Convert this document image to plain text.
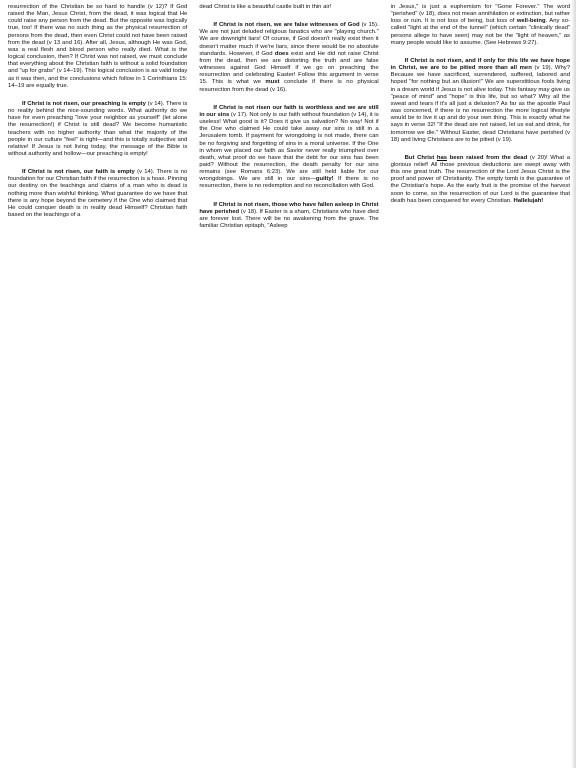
resurrection of the Christian be so hard to handle (v 12)? If God raised the Man, Jesus Christ, from the dead, it was logical that He could raise any person from the dead. But the opposite was logically true, too! If there was no such thing as the physical resurrection of persons from the dead, then even Christ could not have been raised from the dead (v 13 and 16). After all, Jesus, although He was God, was a real flesh and blood person who really died. What is the logical conclusion, then? If Christ was not raised, we must conclude that everything about the Christian faith is without a solid foundation and "up for grabs" (v 14–19). This logical conclusion is as valid today as it was then, and the conclusions which follow in 1 Corinthians 15: 14–19 are equally true.

If Christ is not risen, our preaching is empty (v 14). There is no reality behind the nice-sounding words. What authority do we have for even preaching "love your neighbor as yourself" (let alone the resurrection!) if Christ is still dead? We become humanistic teachers with no higher authority than what the majority of the people in our culture "feel" is right—and this is totally subjective and relative! If Jesus is not living today, the message of the Bible is without authority and hollow—our preaching is empty!

If Christ is not risen, our faith is empty (v 14). There is no foundation for our Christian faith if the resurrection is a hoax. Pinning our destiny on the teachings and claims of a man who is dead is nothing more than wishful thinking. What guarantee do we have that there is any hope beyond the cemetery if the One who claimed that He could conquer death is in reality dead Himself? Christian faith based on the teachings of a

dead Christ is like a beautiful castle built in thin air!

If Christ is not risen, we are false witnesses of God (v 15). We are not just deluded religious fanatics who are "playing church." We are downright liars! Of course, if God doesn't really exist then it doesn't matter much if we're liars, since there would be no absolute standards. However, if God does exist and He did not raise Christ from the dead, then we are distorting the truth and are false witnesses against God Himself if we go on preaching the resurrection and celebrating Easter! Follow this argument in verse 15. This is what we must conclude if there is no physical resurrection from the dead (v 16).

If Christ is not risen our faith is worthless and we are still in our sins (v 17). Not only is our faith without foundation (v 14), it is useless! What good is it? Does it give us salvation? No way! Not if the One who claimed He could take away our sins is still in a Jerusalem tomb. If payment for wrongdoing is not made, there can be no forgiving and forgetting of sins in a moral universe. If the One in whom we placed our faith as Savior never really triumphed over death, what proof do we have that the debt for our sins has been paid? Without the resurrection, the death penalty for our sins remains (see Romans 6:23). We are still held liable for our wrongdoings. We are still in our sins—guilty! If there is no resurrection, there is no redemption and no reconciliation with God.

If Christ is not risen, those who have fallen asleep in Christ have perished (v 18). If Easter is a sham, Christians who have died are forever lost. There will be no awakening from the grave. The familiar Christian epitaph, "Asleep

in Jesus," is just a euphemism for "Gone Forever." The word "perished" (v 18), does not mean annihilation or extinction, but rather loss or ruin. It is not loss of being, but loss of well-being. Any so-called "light at the end of the tunnel" (which certain "clinically dead" persons allege to have seen) may not be the "light of heaven," as many people would like to assume. (See Hebrews 9:27).

If Christ is not risen, and if only for this life we have hope in Christ, we are to be pitied more than all men (v 19). Why? Because we have sacrificed, surrendered, suffered, labored and hoped "for nothing but an illusion!" We are superstitious fools living in a dream world if Jesus is not alive today. This fantasy may give us "peace of mind" and "hope" is this life, but so what? Why all the sweat and tears if it's all just a delusion? As far as the apostle Paul was concerned, if there is no resurrection the more logical lifestyle would be to live it up and do your own thing. This is exactly what he says in verse 32! "If the dead are not raised, let us eat and drink, for tomorrow we die." Without Easter, dead Christians have perished (v 18) and living Christians are to be pitied (v 19).

But Christ has been raised from the dead (v 20)! What a glorious relief! All those previous deductions are swept away with this one great truth. The resurrection of the Lord Jesus Christ is the proof and power of Christianity. The empty tomb is the guarantee of the Christian's hope. As the early fruit is the promise of the harvest soon to come, so the resurrection of our Lord is the guarantee that death has been conquered for every Christian. Hallelujah!
